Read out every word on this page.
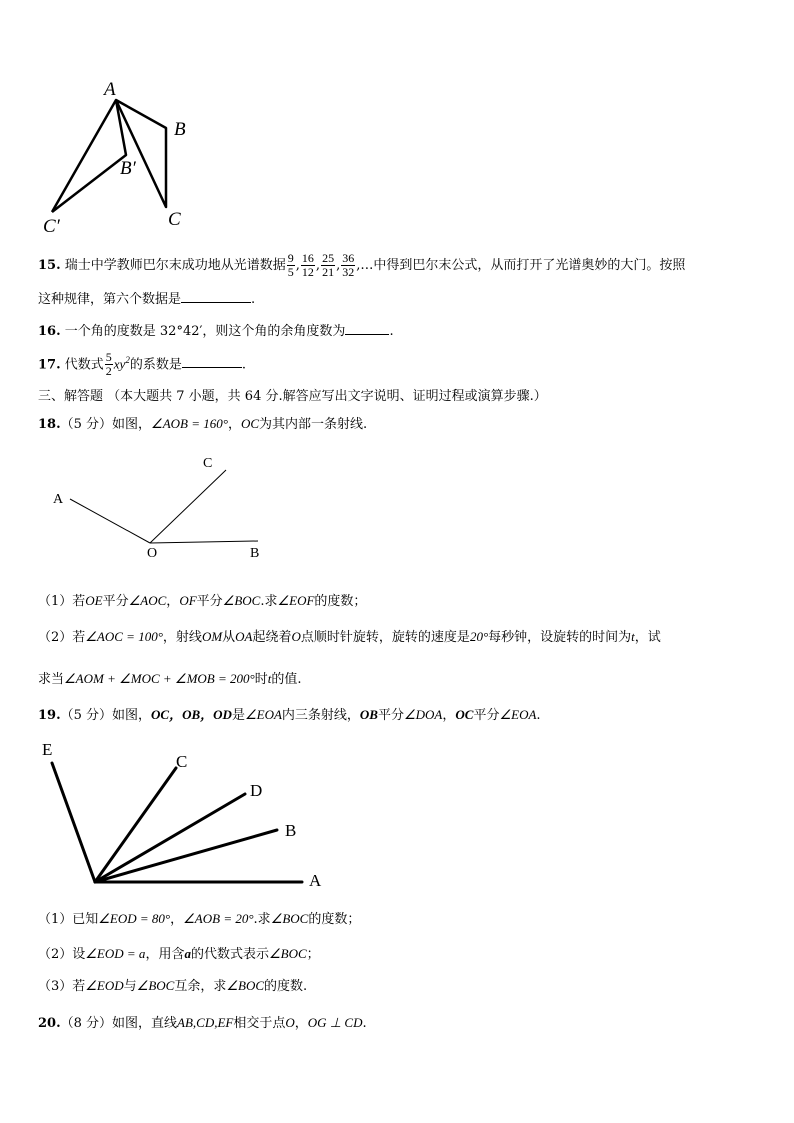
A
B
B′
C
C′
15. 瑞士中学教师巴尔末成功地从光谱数据 $\frac{9}{5}$ , $\frac{16}{12}$ , $\frac{25}{21}$ , $\frac{36}{32}$ ,…中得到巴尔末公式，从而打开了光谱奥妙的大门。按照
这种规律，第六个数据是	.
16. 一个角的度数是 32°42′，则这个角的余角度数为	.
17. 代数式 $\frac{5}{2} xy^2$的系数是	.
三、解答题 （本大题共 7 小题，共 64 分.解答应写出文字说明、证明过程或演算步骤.）
18.（5 分）如图，∠AOB = 160°，OC为其内部一条射线.
A
B
C
O
（1）若OE平分∠AOC，OF平分∠BOC.求∠EOF的度数；
（2）若∠AOC = 100°，射线OM从OA起绕着O点顺时针旋转，旋转的速度是20°每秒钟，设旋转的时间为t，试
求当∠AOM + ∠MOC + ∠MOB = 200°时t的值.
19.（5 分）如图，OC，OB，OD是∠EOA内三条射线，OB平分∠DOA，OC平分∠EOA.
E
C
D
B
A
（1）已知∠EOD = 80°，∠AOB = 20°.求∠BOC的度数；
（2）设∠EOD = a，用含a的代数式表示∠BOC；
（3）若∠EOD与∠BOC互余，求∠BOC的度数.
20.（8 分）如图，直线AB,CD,EF相交于点O，OG ⊥ CD.
